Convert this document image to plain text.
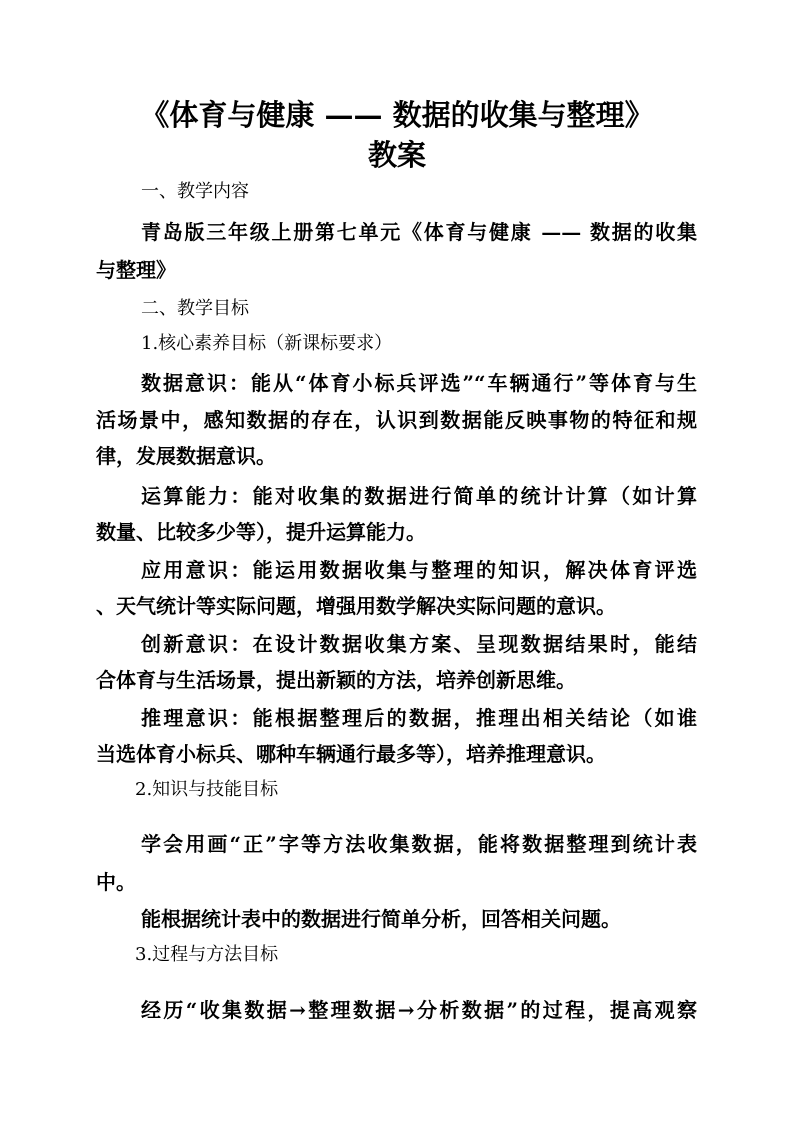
《体育与健康 —— 数据的收集与整理》
教案
一、教学内容
青岛版三年级上册第七单元《体育与健康 —— 数据的收集
与整理》
二、教学目标
1.核心素养目标（新课标要求）
数据意识：能从“体育小标兵评选”“车辆通行”等体育与生
活场景中，感知数据的存在，认识到数据能反映事物的特征和规
律，发展数据意识。
运算能力：能对收集的数据进行简单的统计计算（如计算
数量、比较多少等），提升运算能力。
应用意识：能运用数据收集与整理的知识，解决体育评选
、天气统计等实际问题，增强用数学解决实际问题的意识。
创新意识：在设计数据收集方案、呈现数据结果时，能结
合体育与生活场景，提出新颖的方法，培养创新思维。
推理意识：能根据整理后的数据，推理出相关结论（如谁
当选体育小标兵、哪种车辆通行最多等），培养推理意识。
2.知识与技能目标
学会用画“正”字等方法收集数据，能将数据整理到统计表
中。
能根据统计表中的数据进行简单分析，回答相关问题。
3.过程与方法目标
经历“收集数据→整理数据→分析数据”的过程，提高观察
